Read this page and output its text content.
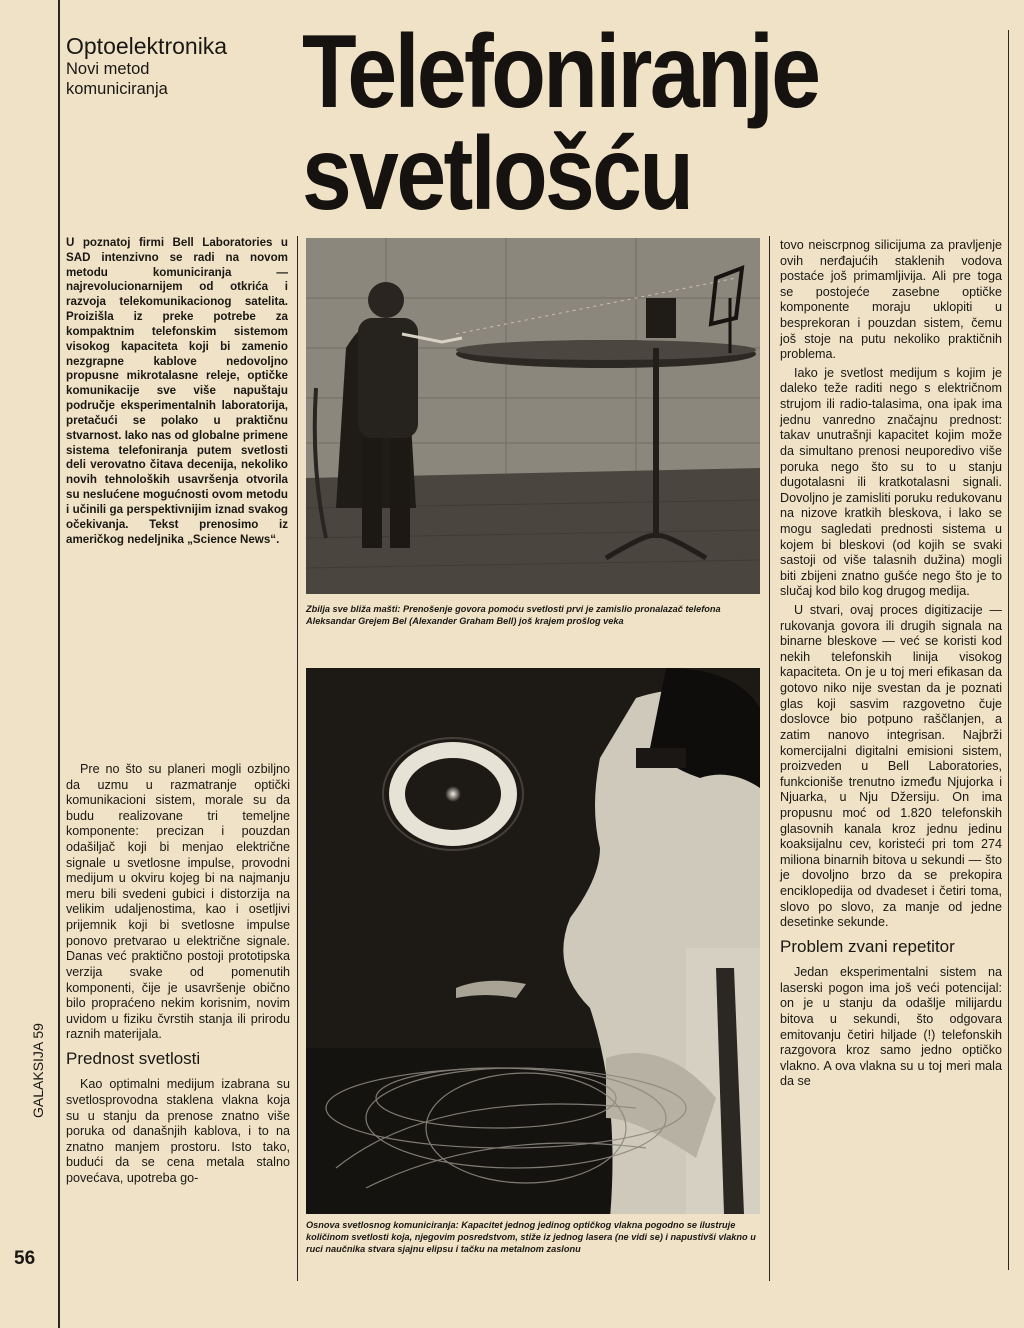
Optoelektronika
Novi metod komuniciranja	Telefoniranje
svetlošću
U poznatoj firmi Bell Laboratories u SAD intenzivno se radi na novom metodu komuniciranja — najrevolucionarnijem od otkrića i razvoja telekomunikacionog satelita. Proizišla iz preke potrebe za kompaktnim telefonskim sistemom visokog kapaciteta koji bi zamenio nezgrapne kablove nedovoljno propusne mikrotalasne releje, optičke komunikacije sve više napuštaju područje eksperimentalnih laboratorija, pretačući se polako u praktičnu stvarnost. Iako nas od globalne primene sistema telefoniranja putem svetlosti deli verovatno čitava decenija, nekoliko novih tehnoloških usavršenja otvorila su neslućene mogućnosti ovom metodu i učinili ga perspektivnijim iznad svakog očekivanja. Tekst prenosimo iz američkog nedeljnika „Science News“.
Zbilja sve bliža mašti: Prenošenje govora pomoću svetlosti prvi je zamislio pronalazač telefona Aleksandar Grejem Bel (Alexander Graham Bell) još krajem prošlog veka
Osnova svetlosnog komuniciranja: Kapacitet jednog jedinog optičkog vlakna pogodno se ilustruje količinom svetlosti koja, njegovim posredstvom, stiže iz jednog lasera (ne vidi se) i napustivši vlakno u ruci naučnika stvara sjajnu elipsu i tačku na metalnom zaslonu

Pre no što su planeri mogli ozbiljno da uzmu u razmatranje optički komunikacioni sistem, morale su da budu realizovane tri temeljne komponente: precizan i pouzdan odašiljač koji bi menjao električne signale u svetlosne impulse, provodni medijum u okviru kojeg bi na najmanju meru bili svedeni gubici i distorzija na velikim udaljenostima, kao i osetljivi prijemnik koji bi svetlosne impulse ponovo pretvarao u električne signale. Danas već praktično postoji prototipska verzija svake od pomenutih komponenti, čije je usavršenje obično bilo propraćeno nekim korisnim, novim uvidom u fiziku čvrstih stanja ili prirodu raznih materijala.

Prednost svetlosti

Kao optimalni medijum izabrana su svetlosprovodna staklena vlakna koja su u stanju da prenose znatno više poruka od današnjih kablova, i to na znatno manjem prostoru. Isto tako, budući da se cena metala stalno povećava, upotreba go-

tovo neiscrpnog silicijuma za pravljenje ovih nerđajućih staklenih vodova postaće još primamljivija. Ali pre toga se postojeće zasebne optičke komponente moraju uklopiti u besprekoran i pouzdan sistem, čemu još stoje na putu nekoliko praktičnih problema.

Iako je svetlost medijum s kojim je daleko teže raditi nego s električnom strujom ili radio-talasima, ona ipak ima jednu vanredno značajnu prednost: takav unutrašnji kapacitet kojim može da simultano prenosi neuporedivo više poruka nego što su to u stanju dugotalasni ili kratkotalasni signali. Dovoljno je zamisliti poruku redukovanu na nizove kratkih bleskova, i lako se mogu sagledati prednosti sistema u kojem bi bleskovi (od kojih se svaki sastoji od više talasnih dužina) mogli biti zbijeni znatno gušće nego što je to slučaj kod bilo kog drugog medija.

U stvari, ovaj proces digitizacije — rukovanja govora ili drugih signala na binarne bleskove — već se koristi kod nekih telefonskih linija visokog kapaciteta. On je u toj meri efikasan da gotovo niko nije svestan da je poznati glas koji sasvim razgovetno čuje doslovce bio potpuno raščlanjen, a zatim nanovo integrisan. Najbrži komercijalni digitalni emisioni sistem, proizveden u Bell Laboratories, funkcioniše trenutno između Njujorka i Njuarka, u Nju Džersiju. On ima propusnu moć od 1.820 telefonskih glasovnih kanala kroz jednu jedinu koaksijalnu cev, koristeći pri tom 274 miliona binarnih bitova u sekundi — što je dovoljno brzo da se prekopira enciklopedija od dvadeset i četiri toma, slovo po slovo, za manje od jedne desetinke sekunde.

Problem zvani repetitor

Jedan eksperimentalni sistem na laserski pogon ima još veći potencijal: on je u stanju da odašlje milijardu bitova u sekundi, što odgovara emitovanju četiri hiljade (!) telefonskih razgovora kroz samo jedno optičko vlakno. A ova vlakna su u toj meri mala da se

GALAKSIJA 59
56
